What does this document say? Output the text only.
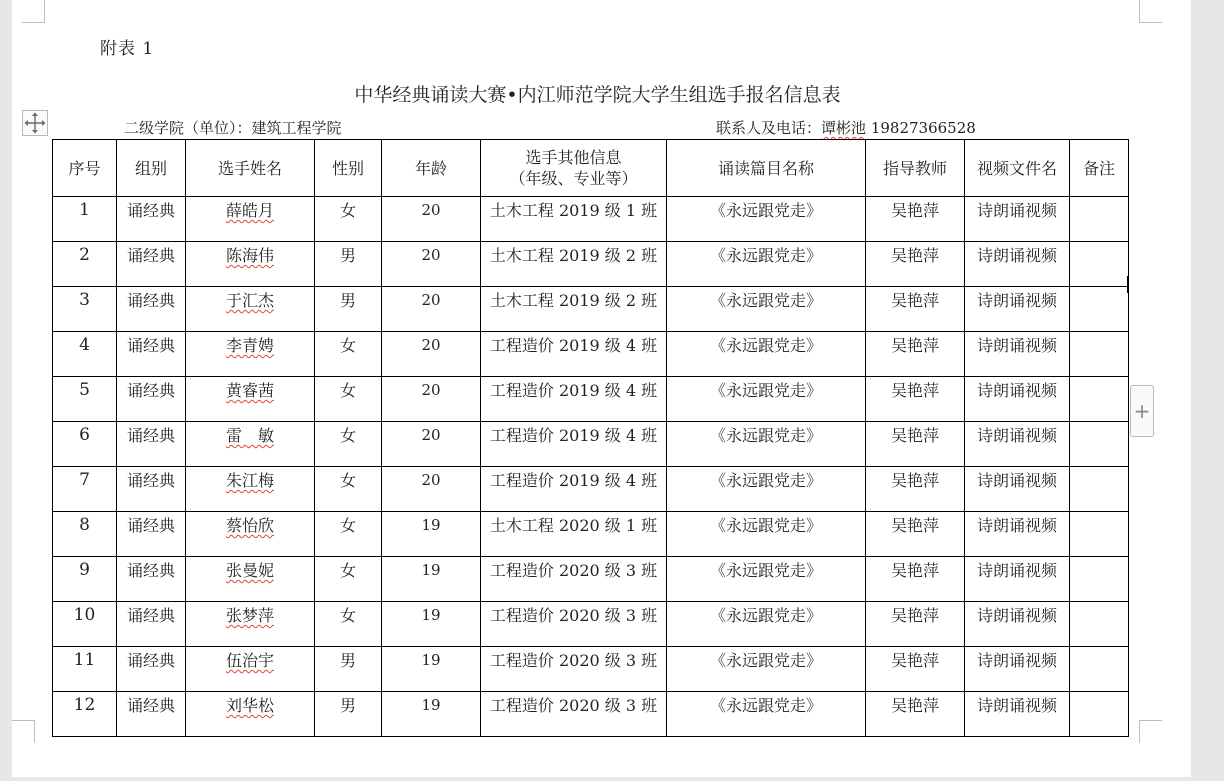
附表 1
中华经典诵读大赛•内江师范学院大学生组选手报名信息表
二级学院（单位）：建筑工程学院	联系人及电话：谭彬池 19827366528
序号	组别	选手姓名	性别	年龄	选手其他信息
（年级、专业等）	诵读篇目名称	指导教师	视频文件名	备注
1	诵经典	薛皓月	女	20	土木工程 2019 级 1 班	《永远跟党走》	吴艳萍	诗朗诵视频	
2	诵经典	陈海伟	男	20	土木工程 2019 级 2 班	《永远跟党走》	吴艳萍	诗朗诵视频	
3	诵经典	于汇杰	男	20	土木工程 2019 级 2 班	《永远跟党走》	吴艳萍	诗朗诵视频	
4	诵经典	李青娉	女	20	工程造价 2019 级 4 班	《永远跟党走》	吴艳萍	诗朗诵视频	
5	诵经典	黄睿茜	女	20	工程造价 2019 级 4 班	《永远跟党走》	吴艳萍	诗朗诵视频	
6	诵经典	雷　敏	女	20	工程造价 2019 级 4 班	《永远跟党走》	吴艳萍	诗朗诵视频	
7	诵经典	朱江梅	女	20	工程造价 2019 级 4 班	《永远跟党走》	吴艳萍	诗朗诵视频	
8	诵经典	蔡怡欣	女	19	土木工程 2020 级 1 班	《永远跟党走》	吴艳萍	诗朗诵视频	
9	诵经典	张曼妮	女	19	工程造价 2020 级 3 班	《永远跟党走》	吴艳萍	诗朗诵视频	
10	诵经典	张梦萍	女	19	工程造价 2020 级 3 班	《永远跟党走》	吴艳萍	诗朗诵视频	
11	诵经典	伍治宇	男	19	工程造价 2020 级 3 班	《永远跟党走》	吴艳萍	诗朗诵视频	
12	诵经典	刘华松	男	19	工程造价 2020 级 3 班	《永远跟党走》	吴艳萍	诗朗诵视频	
+
